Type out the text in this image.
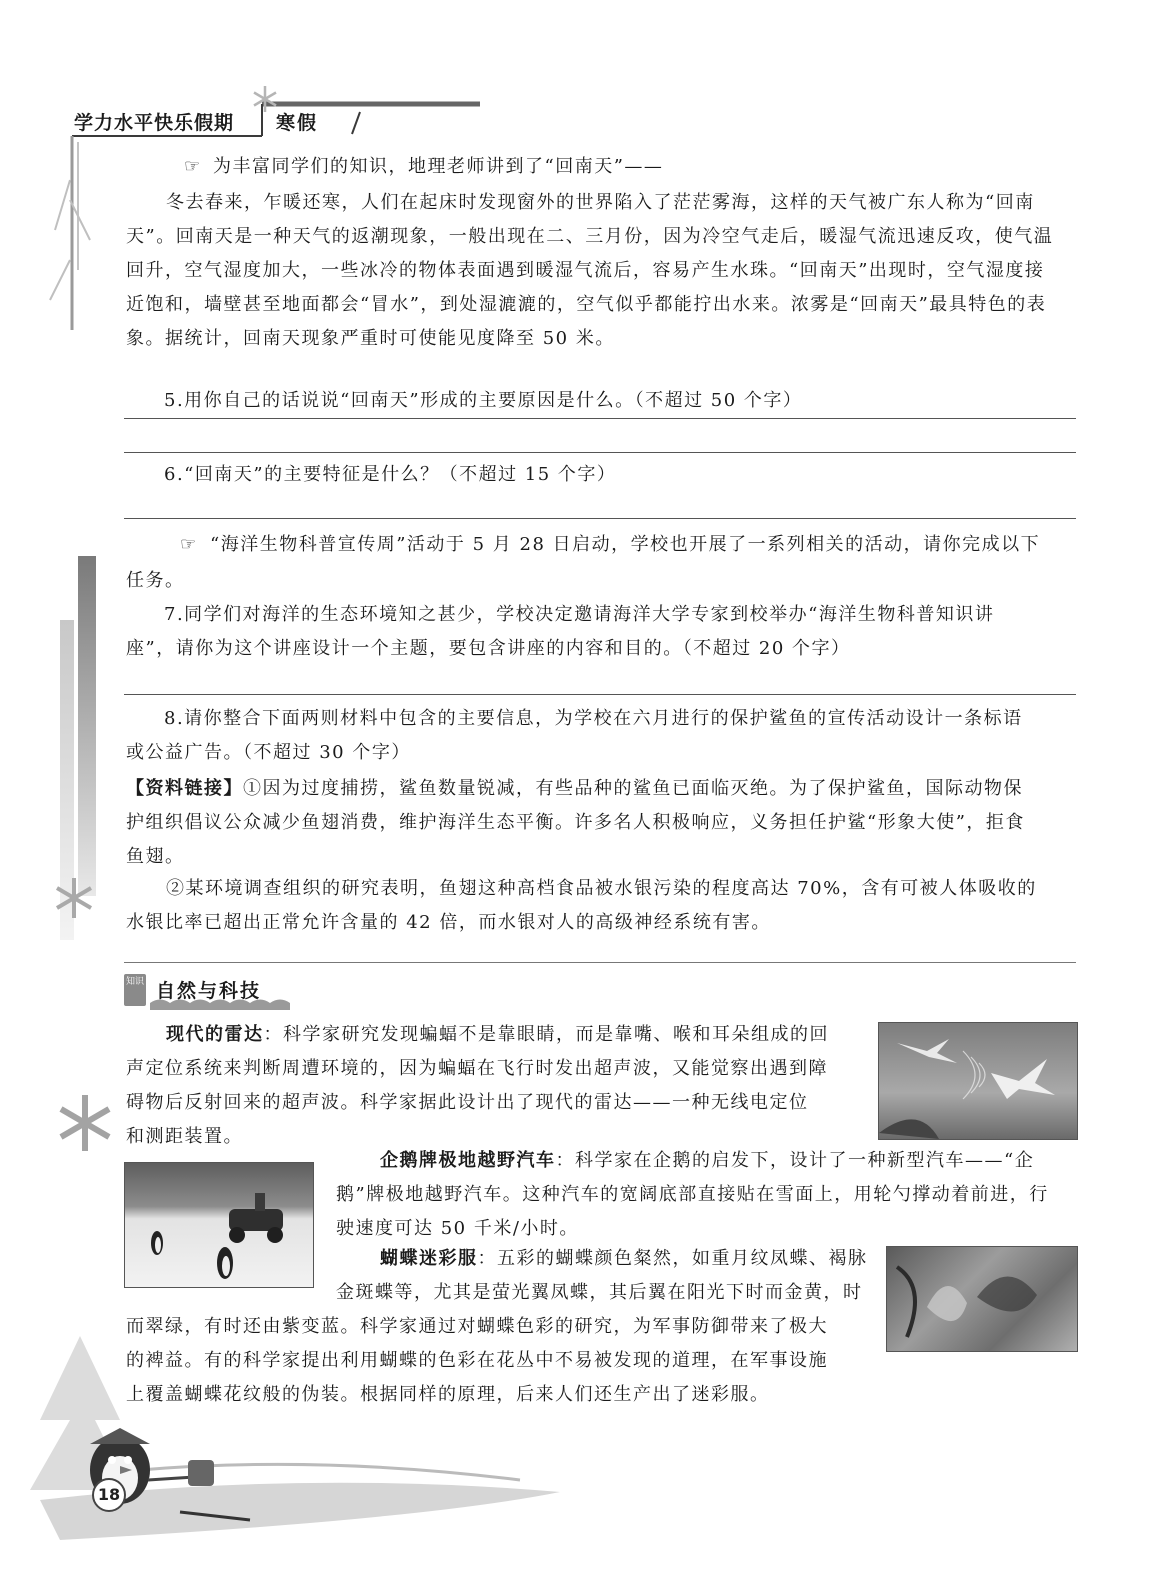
学力水平快乐假期 寒假
☞ 为丰富同学们的知识，地理老师讲到了“回南天”——

冬去春来，乍暖还寒，人们在起床时发现窗外的世界陷入了茫茫雾海，这样的天气被广东人称为“回南

天”。回南天是一种天气的返潮现象，一般出现在二、三月份，因为冷空气走后，暖湿气流迅速反攻，使气温

回升，空气湿度加大，一些冰冷的物体表面遇到暖湿气流后，容易产生水珠。“回南天”出现时，空气湿度接

近饱和，墙壁甚至地面都会“冒水”，到处湿漉漉的，空气似乎都能拧出水来。浓雾是“回南天”最具特色的表

象。据统计，回南天现象严重时可使能见度降至 50 米。

5.用你自己的话说说“回南天”形成的主要原因是什么。（不超过 50 个字）

6.“回南天”的主要特征是什么？（不超过 15 个字）

☞ “海洋生物科普宣传周”活动于 5 月 28 日启动，学校也开展了一系列相关的活动，请你完成以下

任务。

7.同学们对海洋的生态环境知之甚少，学校决定邀请海洋大学专家到校举办“海洋生物科普知识讲

座”，请你为这个讲座设计一个主题，要包含讲座的内容和目的。（不超过 20 个字）

8.请你整合下面两则材料中包含的主要信息，为学校在六月进行的保护鲨鱼的宣传活动设计一条标语

或公益广告。（不超过 30 个字）

【资料链接】①因为过度捕捞，鲨鱼数量锐减，有些品种的鲨鱼已面临灭绝。为了保护鲨鱼，国际动物保

护组织倡议公众减少鱼翅消费，维护海洋生态平衡。许多名人积极响应，义务担任护鲨“形象大使”，拒食

鱼翅。

②某环境调查组织的研究表明，鱼翅这种高档食品被水银污染的程度高达 70%，含有可被人体吸收的

水银比率已超出正常允许含量的 42 倍，而水银对人的高级神经系统有害。

知识 自然与科技

现代的雷达：科学家研究发现蝙蝠不是靠眼睛，而是靠嘴、喉和耳朵组成的回

声定位系统来判断周遭环境的，因为蝙蝠在飞行时发出超声波，又能觉察出遇到障

碍物后反射回来的超声波。科学家据此设计出了现代的雷达——一种无线电定位

和测距装置。

企鹅牌极地越野汽车：科学家在企鹅的启发下，设计了一种新型汽车——“企

鹅”牌极地越野汽车。这种汽车的宽阔底部直接贴在雪面上，用轮勺撑动着前进，行

驶速度可达 50 千米/小时。

蝴蝶迷彩服：五彩的蝴蝶颜色粲然，如重月纹凤蝶、褐脉

金斑蝶等，尤其是萤光翼凤蝶，其后翼在阳光下时而金黄，时

而翠绿，有时还由紫变蓝。科学家通过对蝴蝶色彩的研究，为军事防御带来了极大

的裨益。有的科学家提出利用蝴蝶的色彩在花丛中不易被发现的道理，在军事设施

上覆盖蝴蝶花纹般的伪装。根据同样的原理，后来人们还生产出了迷彩服。

18
